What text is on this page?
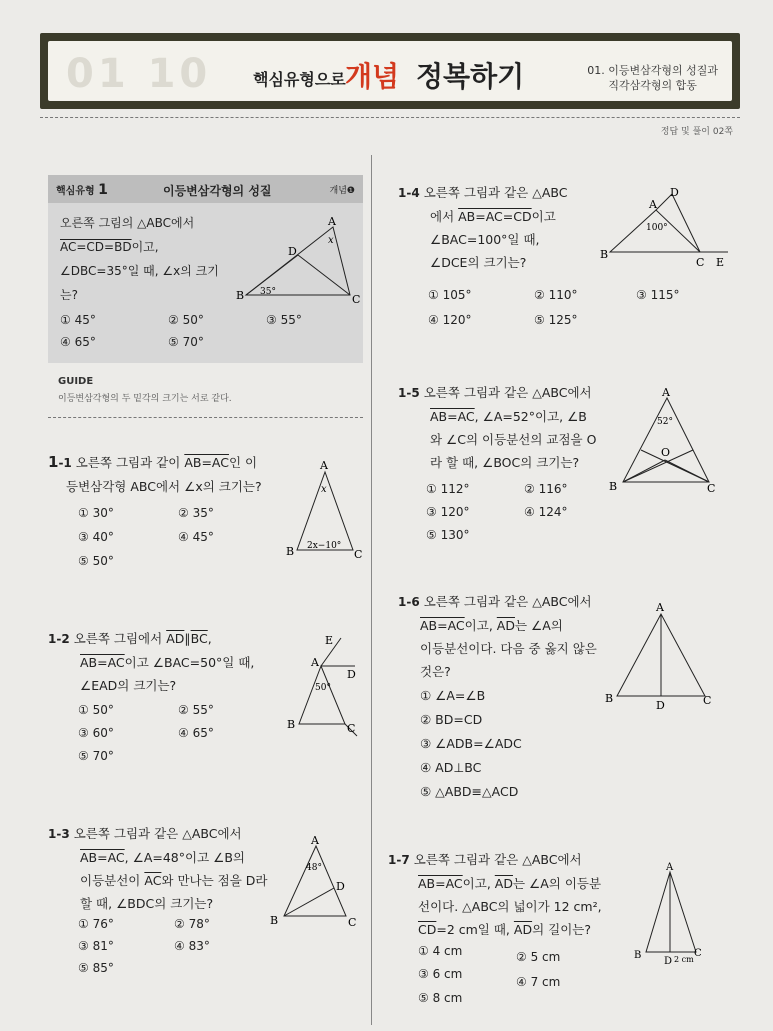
01 10	핵심유형으로 개념 정복하기	01. 이등변삼각형의 성질과
직각삼각형의 합동
정답 및 풀이 02쪽
핵심유형 1	이등변삼각형의 성질	개념❶
오른쪽 그림의 △ABC에서
AC=CD=BD이고,
∠DBC=35°일 때, ∠x의 크기
는?
① 45°	② 50°	③ 55°
④ 65°	⑤ 70°
A
B	C
D
x
35°
GUIDE
이등변삼각형의 두 밑각의 크기는 서로 같다.
1-1 오른쪽 그림과 같이 AB=AC인 이
등변삼각형 ABC에서 ∠x의 크기는?
① 30°	② 35°
③ 40°	④ 45°
⑤ 50°
A
B	C
x
2x−10°
1-2 오른쪽 그림에서 $\overline{AD}\parallel\overline{BC}$,
AB=AC이고 ∠BAC=50°일 때,
∠EAD의 크기는?
① 50°	② 55°
③ 60°	④ 65°
⑤ 70°
E
A
D
B	C
50°
1-3 오른쪽 그림과 같은 △ABC에서
AB=AC, ∠A=48°이고 ∠B의
이등분선이 $\overline{AC}$와 만나는 점을 D라
할 때, ∠BDC의 크기는?
① 76°	② 78°
③ 81°	④ 83°
⑤ 85°
A
B	C
D
48°
1-4 오른쪽 그림과 같은 △ABC
에서 AB=AC=CD이고
∠BAC=100°일 때,
∠DCE의 크기는?
① 105°	② 110°	③ 115°
④ 120°	⑤ 125°
A
B
C
D
E
100°
1-5 오른쪽 그림과 같은 △ABC에서
AB=AC, ∠A=52°이고, ∠B
와 ∠C의 이등분선의 교점을 O
라 할 때, ∠BOC의 크기는?
① 112°	② 116°
③ 120°	④ 124°
⑤ 130°
A
B	C
O
52°
1-6 오른쪽 그림과 같은 △ABC에서
AB=AC이고, $\overline{AD}$는 ∠A의
이등분선이다. 다음 중 옳지 않은
것은?
① ∠A=∠B
② BD=CD
③ ∠ADB=∠ADC
④ AD⊥BC
⑤ △ABD≡△ACD
A
B	C
D
1-7 오른쪽 그림과 같은 △ABC에서
AB=AC이고, $\overline{AD}$는 ∠A의 이등분
선이다. △ABC의 넓이가 12 cm²,
$\overline{CD}=2$ cm일 때, $\overline{AD}$의 길이는?
① 4 cm	② 5 cm
③ 6 cm
④ 7 cm
⑤ 8 cm
A
B	C
D 2 cm
